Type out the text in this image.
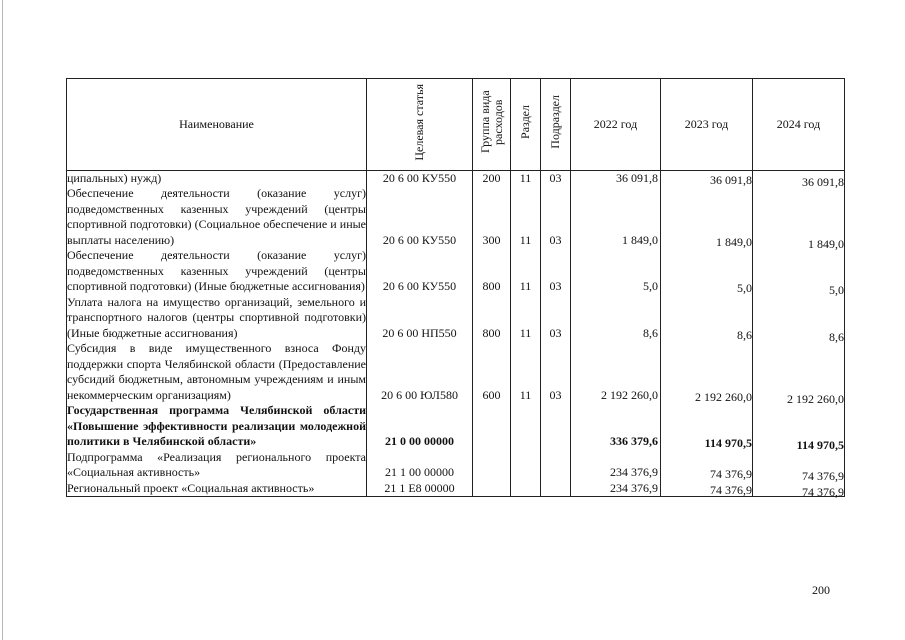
Наименование	Целевая статья	Группа вида расходов	Раздел	Подраздел	2022 год	2023 год	2024 год
ципальных) нужд)	20 6 00 КУ550	200	11	03	36 091,8	36 091,8	36 091,8
Обеспечение деятельности (оказание услуг) подведомственных казенных учреждений (центры спортивной подготовки) (Социальное обеспечение и иные выплаты населению)	20 6 00 КУ550	300	11	03	1 849,0	1 849,0	1 849,0
Обеспечение деятельности (оказание услуг) подведомственных казенных учреждений (центры спортивной подготовки) (Иные бюджетные ассигнования)	20 6 00 КУ550	800	11	03	5,0	5,0	5,0
Уплата налога на имущество организаций, земельного и транспортного налогов (центры спортивной подготовки) (Иные бюджетные ассигнования)	20 6 00 НП550	800	11	03	8,6	8,6	8,6
Субсидия в виде имущественного взноса Фонду поддержки спорта Челябинской области (Предоставление субсидий бюджетным, автономным учреждениям и иным некоммерческим организациям)	20 6 00 ЮЛ580	600	11	03	2 192 260,0	2 192 260,0	2 192 260,0
Государственная программа Челябинской области «Повышение эффективности реализации молодежной политики в Челябинской области»	21 0 00 00000				336 379,6	114 970,5	114 970,5
Подпрограмма «Реализация регионального проекта «Социальная активность»	21 1 00 00000				234 376,9	74 376,9	74 376,9
Региональный проект «Социальная активность»	21 1 Е8 00000				234 376,9	74 376,9	74 376,9
200
